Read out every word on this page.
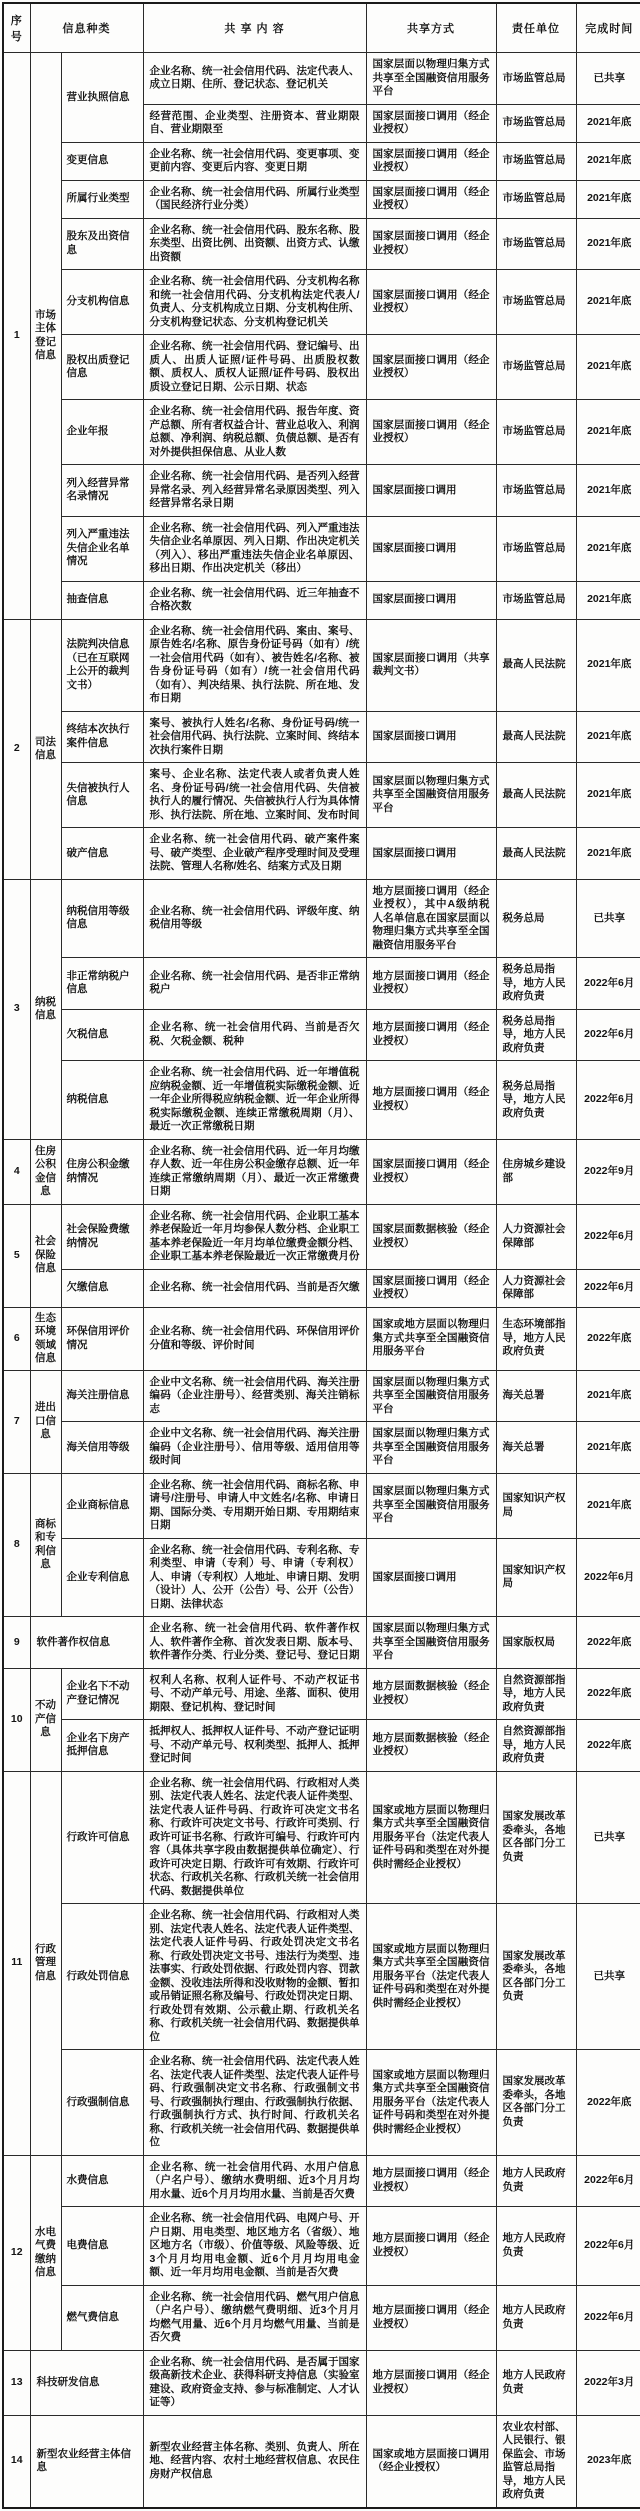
序号	信息种类		共 享 内 容	共享方式	责任单位	完成时间
1	市场主体登记信息	营业执照信息	企业名称、统一社会信用代码、法定代表人、成立日期、住所、登记状态、登记机关	国家层面以物理归集方式共享至全国融资信用服务平台	市场监管总局	已共享
			经营范围、企业类型、注册资本、营业期限自、营业期限至	国家层面接口调用（经企业授权）	市场监管总局	2021年底
		变更信息	企业名称、统一社会信用代码、变更事项、变更前内容、变更后内容、变更日期	国家层面接口调用（经企业授权）	市场监管总局	2021年底
		所属行业类型	企业名称、统一社会信用代码、所属行业类型（国民经济行业分类）	国家层面接口调用（经企业授权）	市场监管总局	2021年底
		股东及出资信息	企业名称、统一社会信用代码、股东名称、股东类型、出资比例、出资额、出资方式、认缴出资额	国家层面接口调用（经企业授权）	市场监管总局	2021年底
		分支机构信息	企业名称、统一社会信用代码、分支机构名称和统一社会信用代码、分支机构法定代表人/负责人、分支机构成立日期、分支机构住所、分支机构登记状态、分支机构登记机关	国家层面接口调用（经企业授权）	市场监管总局	2021年底
		股权出质登记信息	企业名称、统一社会信用代码、登记编号、出质人、出质人证照/证件号码、出质股权数额、质权人、质权人证照/证件号码、股权出质设立登记日期、公示日期、状态	国家层面接口调用（经企业授权）	市场监管总局	2021年底
		企业年报	企业名称、统一社会信用代码、报告年度、资产总额、所有者权益合计、营业总收入、利润总额、净利润、纳税总额、负债总额、是否有对外提供担保信息、从业人数	国家层面接口调用（经企业授权）	市场监管总局	2021年底
		列入经营异常名录情况	企业名称、统一社会信用代码、是否列入经营异常名录、列入经营异常名录原因类型、列入经营异常名录日期	国家层面接口调用	市场监管总局	2021年底
		列入严重违法失信企业名单情况	企业名称、统一社会信用代码、列入严重违法失信企业名单原因、列入日期、作出决定机关（列入）、移出严重违法失信企业名单原因、移出日期、作出决定机关（移出）	国家层面接口调用	市场监管总局	2021年底
		抽查信息	企业名称、统一社会信用代码、近三年抽查不合格次数	国家层面接口调用	市场监管总局	2021年底
2	司法信息	法院判决信息（已在互联网上公开的裁判文书）	企业名称、统一社会信用代码、案由、案号、原告姓名/名称、原告身份证号码（如有）/统一社会信用代码（如有）、被告姓名/名称、被告身份证号码（如有）/统一社会信用代码（如有）、判决结果、执行法院、所在地、发布日期	国家层面接口调用（共享裁判文书）	最高人民法院	2021年底
		终结本次执行案件信息	案号、被执行人姓名/名称、身份证号码/统一社会信用代码、执行法院、立案时间、终结本次执行案件日期	国家层面接口调用	最高人民法院	2021年底
		失信被执行人信息	案号、企业名称、法定代表人或者负责人姓名、身份证号码/统一社会信用代码、失信被执行人的履行情况、失信被执行人行为具体情形、执行法院、所在地、立案时间、发布时间	国家层面以物理归集方式共享至全国融资信用服务平台	最高人民法院	2021年底
		破产信息	企业名称、统一社会信用代码、破产案件案号、破产类型、企业破产程序受理时间及受理法院、管理人名称/姓名、结案方式及日期	国家层面接口调用	最高人民法院	2021年底
3	纳税信息	纳税信用等级信息	企业名称、统一社会信用代码、评级年度、纳税信用等级	地方层面接口调用（经企业授权），其中A级纳税人名单信息在国家层面以物理归集方式共享至全国融资信用服务平台	税务总局	已共享
		非正常纳税户信息	企业名称、统一社会信用代码、是否非正常纳税户	地方层面接口调用（经企业授权）	税务总局指导，地方人民政府负责	2022年6月
		欠税信息	企业名称、统一社会信用代码、当前是否欠税、欠税金额、税种	地方层面接口调用（经企业授权）	税务总局指导，地方人民政府负责	2022年6月
		纳税信息	企业名称、统一社会信用代码、近一年增值税应纳税金额、近一年增值税实际缴税金额、近一年企业所得税应纳税金额、近一年企业所得税实际缴税金额、连续正常缴税周期（月）、最近一次正常缴税日期	地方层面接口调用（经企业授权）	税务总局指导，地方人民政府负责	2022年6月
4	住房公积金信息	住房公积金缴纳情况	企业名称、统一社会信用代码、近一年月均缴存人数、近一年住房公积金缴存总额、近一年连续正常缴纳周期（月）、最近一次正常缴费日期	国家层面接口调用（经企业授权）	住房城乡建设部	2022年9月
5	社会保险信息	社会保险费缴纳情况	企业名称、统一社会信用代码、企业职工基本养老保险近一年月均参保人数分档、企业职工基本养老保险近一年月均单位缴费金额分档、企业职工基本养老保险最近一次正常缴费月份	国家层面数据核验（经企业授权）	人力资源社会保障部	2022年6月
		欠缴信息	企业名称、统一社会信用代码、当前是否欠缴	国家层面接口调用（经企业授权）	人力资源社会保障部	2022年6月
6	生态环境领域信息	环保信用评价情况	企业名称、统一社会信用代码、环保信用评价分值和等级、评价时间	国家或地方层面以物理归集方式共享至全国融资信用服务平台	生态环境部指导，地方人民政府负责	2022年底
7	进出口信息	海关注册信息	企业中文名称、统一社会信用代码、海关注册编码（企业注册号）、经营类别、海关注销标志	国家层面以物理归集方式共享至全国融资信用服务平台	海关总署	2021年底
		海关信用等级	企业中文名称、统一社会信用代码、海关注册编码（企业注册号）、信用等级、适用信用等级时间	国家层面以物理归集方式共享至全国融资信用服务平台	海关总署	2021年底
8	商标和专利信息	企业商标信息	企业名称、统一社会信用代码、商标名称、申请号/注册号、申请人中文姓名/名称、申请日期、国际分类、专用期开始日期、专用期结束日期	国家层面以物理归集方式共享至全国融资信用服务平台	国家知识产权局	2021年底
		企业专利信息	企业名称、统一社会信用代码、专利名称、专利类型、申请（专利）号、申请（专利权）人、申请（专利权）人地址、申请日期、发明（设计）人、公开（公告）号、公开（公告）日期、法律状态	国家层面接口调用	国家知识产权局	2022年6月
9	软件著作权信息		企业名称、统一社会信用代码、软件著作权人、软件著作全称、首次发表日期、版本号、软件著作分类、行业分类、登记号、登记日期	国家层面以物理归集方式共享至全国融资信用服务平台	国家版权局	2022年底
10	不动产信息	企业名下不动产登记情况	权利人名称、权利人证件号、不动产权证书号、不动产单元号、用途、坐落、面积、使用期限、登记机构、登记时间	地方层面数据核验（经企业授权）	自然资源部指导，地方人民政府负责	2022年底
		企业名下房产抵押信息	抵押权人、抵押权人证件号、不动产登记证明号、不动产单元号、权利类型、抵押人、抵押登记时间	地方层面数据核验（经企业授权）	自然资源部指导，地方人民政府负责	2022年底
11	行政管理信息	行政许可信息	企业名称、统一社会信用代码、行政相对人类别、法定代表人姓名、法定代表人证件类型、法定代表人证件号码、行政许可决定文书名称、行政许可决定文书号、行政许可类别、行政许可证书名称、行政许可编号、行政许可内容（具体共享字段由数据提供单位确定）、行政许可决定日期、行政许可有效期、行政许可状态、行政机关名称、行政机关统一社会信用代码、数据提供单位	国家或地方层面以物理归集方式共享至全国融资信用服务平台（法定代表人证件号码和类型在对外提供时需经企业授权）	国家发展改革委牵头，各地区各部门分工负责	已共享
		行政处罚信息	企业名称、统一社会信用代码、行政相对人类别、法定代表人姓名、法定代表人证件类型、法定代表人证件号码、行政处罚决定文书名称、行政处罚决定文书号、违法行为类型、违法事实、行政处罚依据、行政处罚内容、罚款金额、没收违法所得和没收财物的金额、暂扣或吊销证照名称及编号、行政处罚决定日期、行政处罚有效期、公示截止期、行政机关名称、行政机关统一社会信用代码、数据提供单位	国家或地方层面以物理归集方式共享至全国融资信用服务平台（法定代表人证件号码和类型在对外提供时需经企业授权）	国家发展改革委牵头，各地区各部门分工负责	已共享
		行政强制信息	企业名称、统一社会信用代码、法定代表人姓名、法定代表人证件类型、法定代表人证件号码、行政强制决定文书名称、行政强制文书号、行政强制执行理由、行政强制执行依据、行政强制执行方式、执行时间、行政机关名称、行政机关统一社会信用代码、数据提供单位	国家或地方层面以物理归集方式共享至全国融资信用服务平台（法定代表人证件号码和类型在对外提供时需经企业授权）	国家发展改革委牵头，各地区各部门分工负责	2022年底
12	水电气费缴纳信息	水费信息	企业名称、统一社会信用代码、水用户信息（户名户号）、缴纳水费明细、近3个月月均用水量、近6个月月均用水量、当前是否欠费	地方层面接口调用（经企业授权）	地方人民政府负责	2022年6月
		电费信息	企业名称、统一社会信用代码、电网户号、开户日期、用电类型、地区地方名（省级）、地区地方名（市级）、价值等级、风险等级、近3个月月均用电金额、近6个月月均用电金额、近一年月均用电金额、当前是否欠费	地方层面接口调用（经企业授权）	地方人民政府负责	2022年6月
		燃气费信息	企业名称、统一社会信用代码、燃气用户信息（户名户号）、缴纳燃气费明细、近3个月月均燃气用量、近6个月月均燃气用量、当前是否欠费	地方层面接口调用（经企业授权）	地方人民政府负责	2022年6月
13	科技研发信息		企业名称、统一社会信用代码、是否属于国家级高新技术企业、获得科研支持信息（实验室建设、政府资金支持、参与标准制定、人才认证等）	地方层面接口调用（经企业授权）	地方人民政府负责	2022年3月
14	新型农业经营主体信息		新型农业经营主体名称、类别、负责人、所在地、经营内容、农村土地经营权信息、农民住房财产权信息	国家或地方层面接口调用（经企业授权）	农业农村部、人民银行、银保监会、市场监管总局指导，地方人民政府负责	2023年底
